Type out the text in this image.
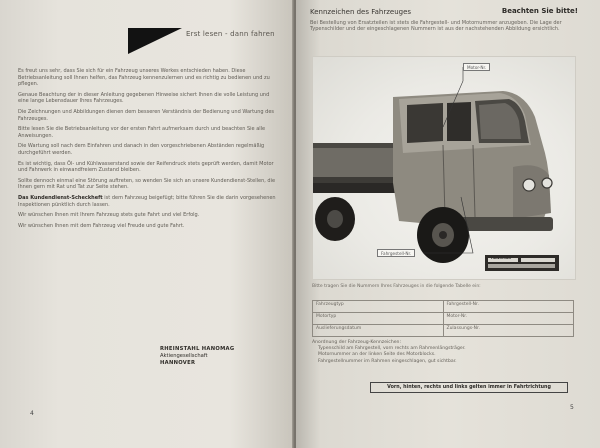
Erst lesen - dann fahren

Es freut uns sehr, dass Sie sich für ein Fahrzeug unseres Werkes entschieden haben. Diese Betriebsanleitung soll Ihnen helfen, das Fahrzeug kennenzulernen und es richtig zu bedienen und zu pflegen.

Genaue Beachtung der in dieser Anleitung gegebenen Hinweise sichert Ihnen die volle Leistung und eine lange Lebensdauer Ihres Fahrzeuges.

Die Zeichnungen und Abbildungen dienen dem besseren Verständnis der Bedienung und Wartung des Fahrzeuges.

Bitte lesen Sie die Betriebsanleitung vor der ersten Fahrt aufmerksam durch und beachten Sie alle Anweisungen.

Die Wartung soll nach dem Einfahren und danach in den vorgeschriebenen Abständen regelmäßig durchgeführt werden.

Es ist wichtig, dass Öl- und Kühlwasserstand sowie der Reifendruck stets geprüft werden, damit Motor und Fahrwerk in einwandfreiem Zustand bleiben.

Sollte dennoch einmal eine Störung auftreten, so wenden Sie sich an unsere Kundendienst-Stellen, die Ihnen gern mit Rat und Tat zur Seite stehen.

Das Kundendienst-Scheckheft ist dem Fahrzeug beigefügt; bitte führen Sie die darin vorgesehenen Inspektionen pünktlich durch lassen.

Wir wünschen Ihnen mit Ihrem Fahrzeug stets gute Fahrt und viel Erfolg.

Wir wünschen Ihnen mit dem Fahrzeug viel Freude und gute Fahrt.

RHEINSTAHL HANOMAG
Aktiengesellschaft
HANNOVER
4
Kennzeichen des Fahrzeuges	Beachten Sie bitte!
Bei Bestellung von Ersatzteilen ist stets die Fahrgestell- und Motornummer anzugeben. Die Lage der Typenschilder und der eingeschlagenen Nummern ist aus der nachstehenden Abbildung ersichtlich.
Motor-Nr.
Fahrgestell-Nr.
HANOMAG
Bitte tragen Sie die Nummern Ihres Fahrzeuges in die folgende Tabelle ein:
Fahrzeugtyp	Fahrgestell-Nr.
Motortyp	Motor-Nr.
Auslieferungsdatum	Zulassungs-Nr.
Anordnung der Fahrzeug-Kennzeichen:
Typenschild am Fahrgestell, vorn rechts am Rahmenlängsträger.
Motornummer an der linken Seite des Motorblocks.
Fahrgestellnummer im Rahmen eingeschlagen, gut sichtbar.
Vorn, hinten, rechts und links gelten immer in Fahrtrichtung
5
